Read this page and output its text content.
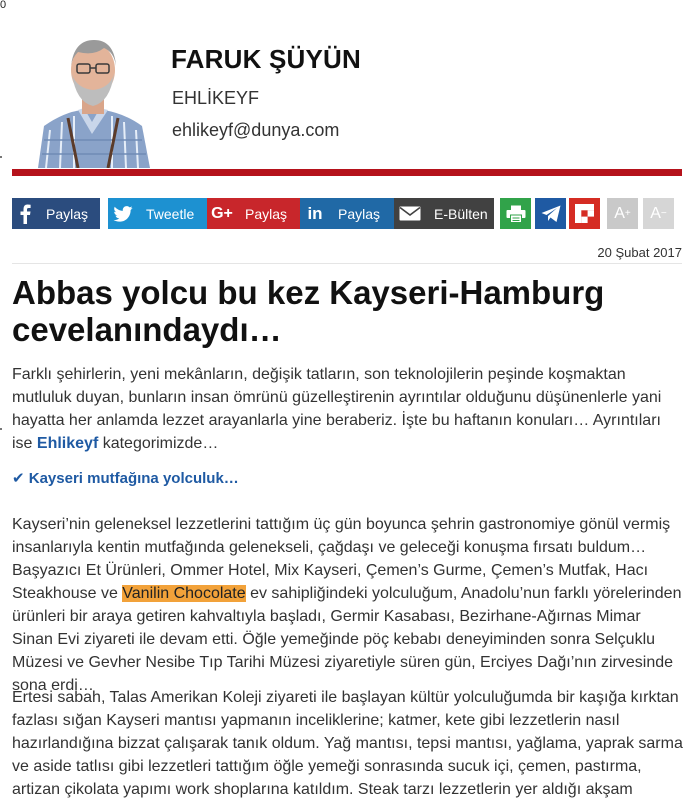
0
FARUK ŞÜYÜN
EHLİKEYF
ehlikeyf@dunya.com
Paylaş	Tweetle G+ Paylaş	in	Paylaş	E-Bülten	A + A −
20 Şubat 2017
Abbas yolcu bu kez Kayseri-Hamburg cevelanındaydı…

Farklı şehirlerin, yeni mekânların, değişik tatların, son teknolojilerin peşinde koşmaktan mutluluk duyan, bunların insan ömrünü güzelleştirenin ayrıntılar olduğunu düşünenlerle yani hayatta her anlamda lezzet arayanlarla yine beraberiz. İşte bu haftanın konuları… Ayrıntıları ise Ehlikeyf kategorimizde…

✔ Kayseri mutfağına yolculuk…

Kayseri’nin geleneksel lezzetlerini tattığım üç gün boyunca şehrin gastronomiye gönül vermiş insanlarıyla kentin mutfağında geleneksel​i, çağdaşı ve geleceği konuşma fırsatı buldum… Başyazıcı Et Ürünleri, Ommer Hotel, Mix Kayseri, Çemen’s Gurme, Çemen’s Mutfak, Hacı Steakhouse ve Vanilin Chocolate ev sahipliğindeki yolculuğum, Anadolu’nun farklı yörelerinden ürünleri bir araya getiren kahvaltıyla başladı, Germir Kasabası, Bezirhane-Ağırnas Mimar Sinan Evi ziyareti ile devam etti. Öğle yemeğinde pöç kebabı deneyiminden sonra Selçuklu Müzesi ve Gevher Nesibe Tıp Tarihi Müzesi ziyaretiyle süren gün, Erciyes Dağı’nın zirvesinde sona erdi…

Ertesi sabah, Talas Amerikan Koleji ziyareti ile başlayan kültür yolculuğumda bir kaşığa kırktan fazlası sığan Kayseri mantısı yapmanın inceliklerine; katmer, kete gibi lezzetlerin nasıl hazırlandığına bizzat çalışarak tanık oldum. Yağ mantısı, tepsi mantısı, yağlama, yaprak sarma ve aside tatlısı gibi lezzetleri tattığım öğle yemeği sonrasında sucuk içi, çemen, pastırma, artizan çikolata yapımı work shoplarına katıldım. Steak tarzı lezzetlerin yer aldığı akşam
